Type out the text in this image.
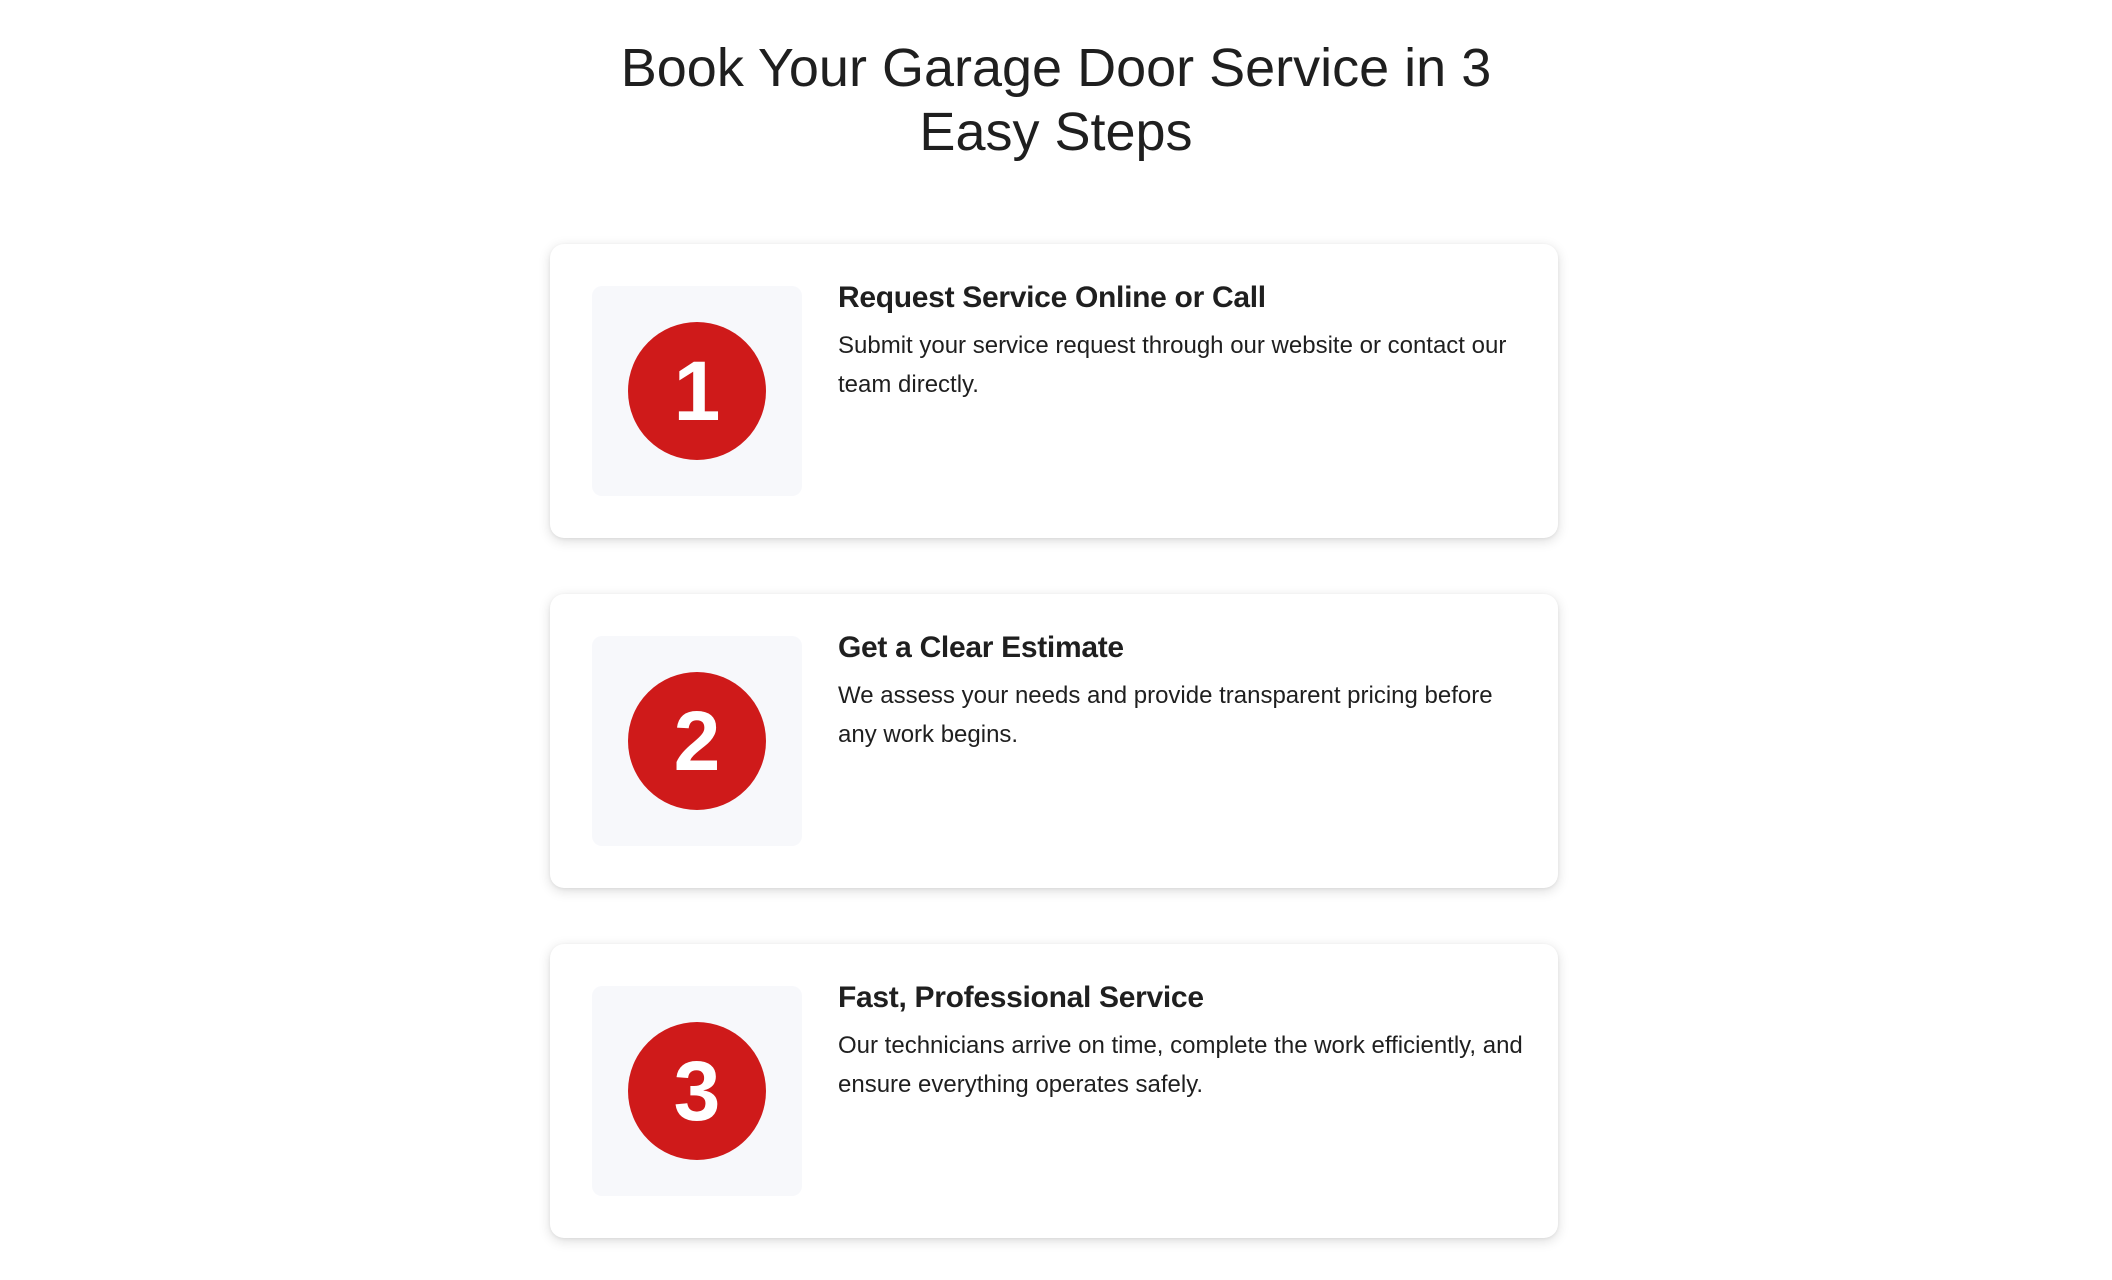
Book Your Garage Door Service in 3
Easy Steps
1
Request Service Online or Call

Submit your service request through our website or contact our team directly.

2
Get a Clear Estimate

We assess your needs and provide transparent pricing before any work begins.

3
Fast, Professional Service

Our technicians arrive on time, complete the work efficiently, and ensure everything operates safely.
